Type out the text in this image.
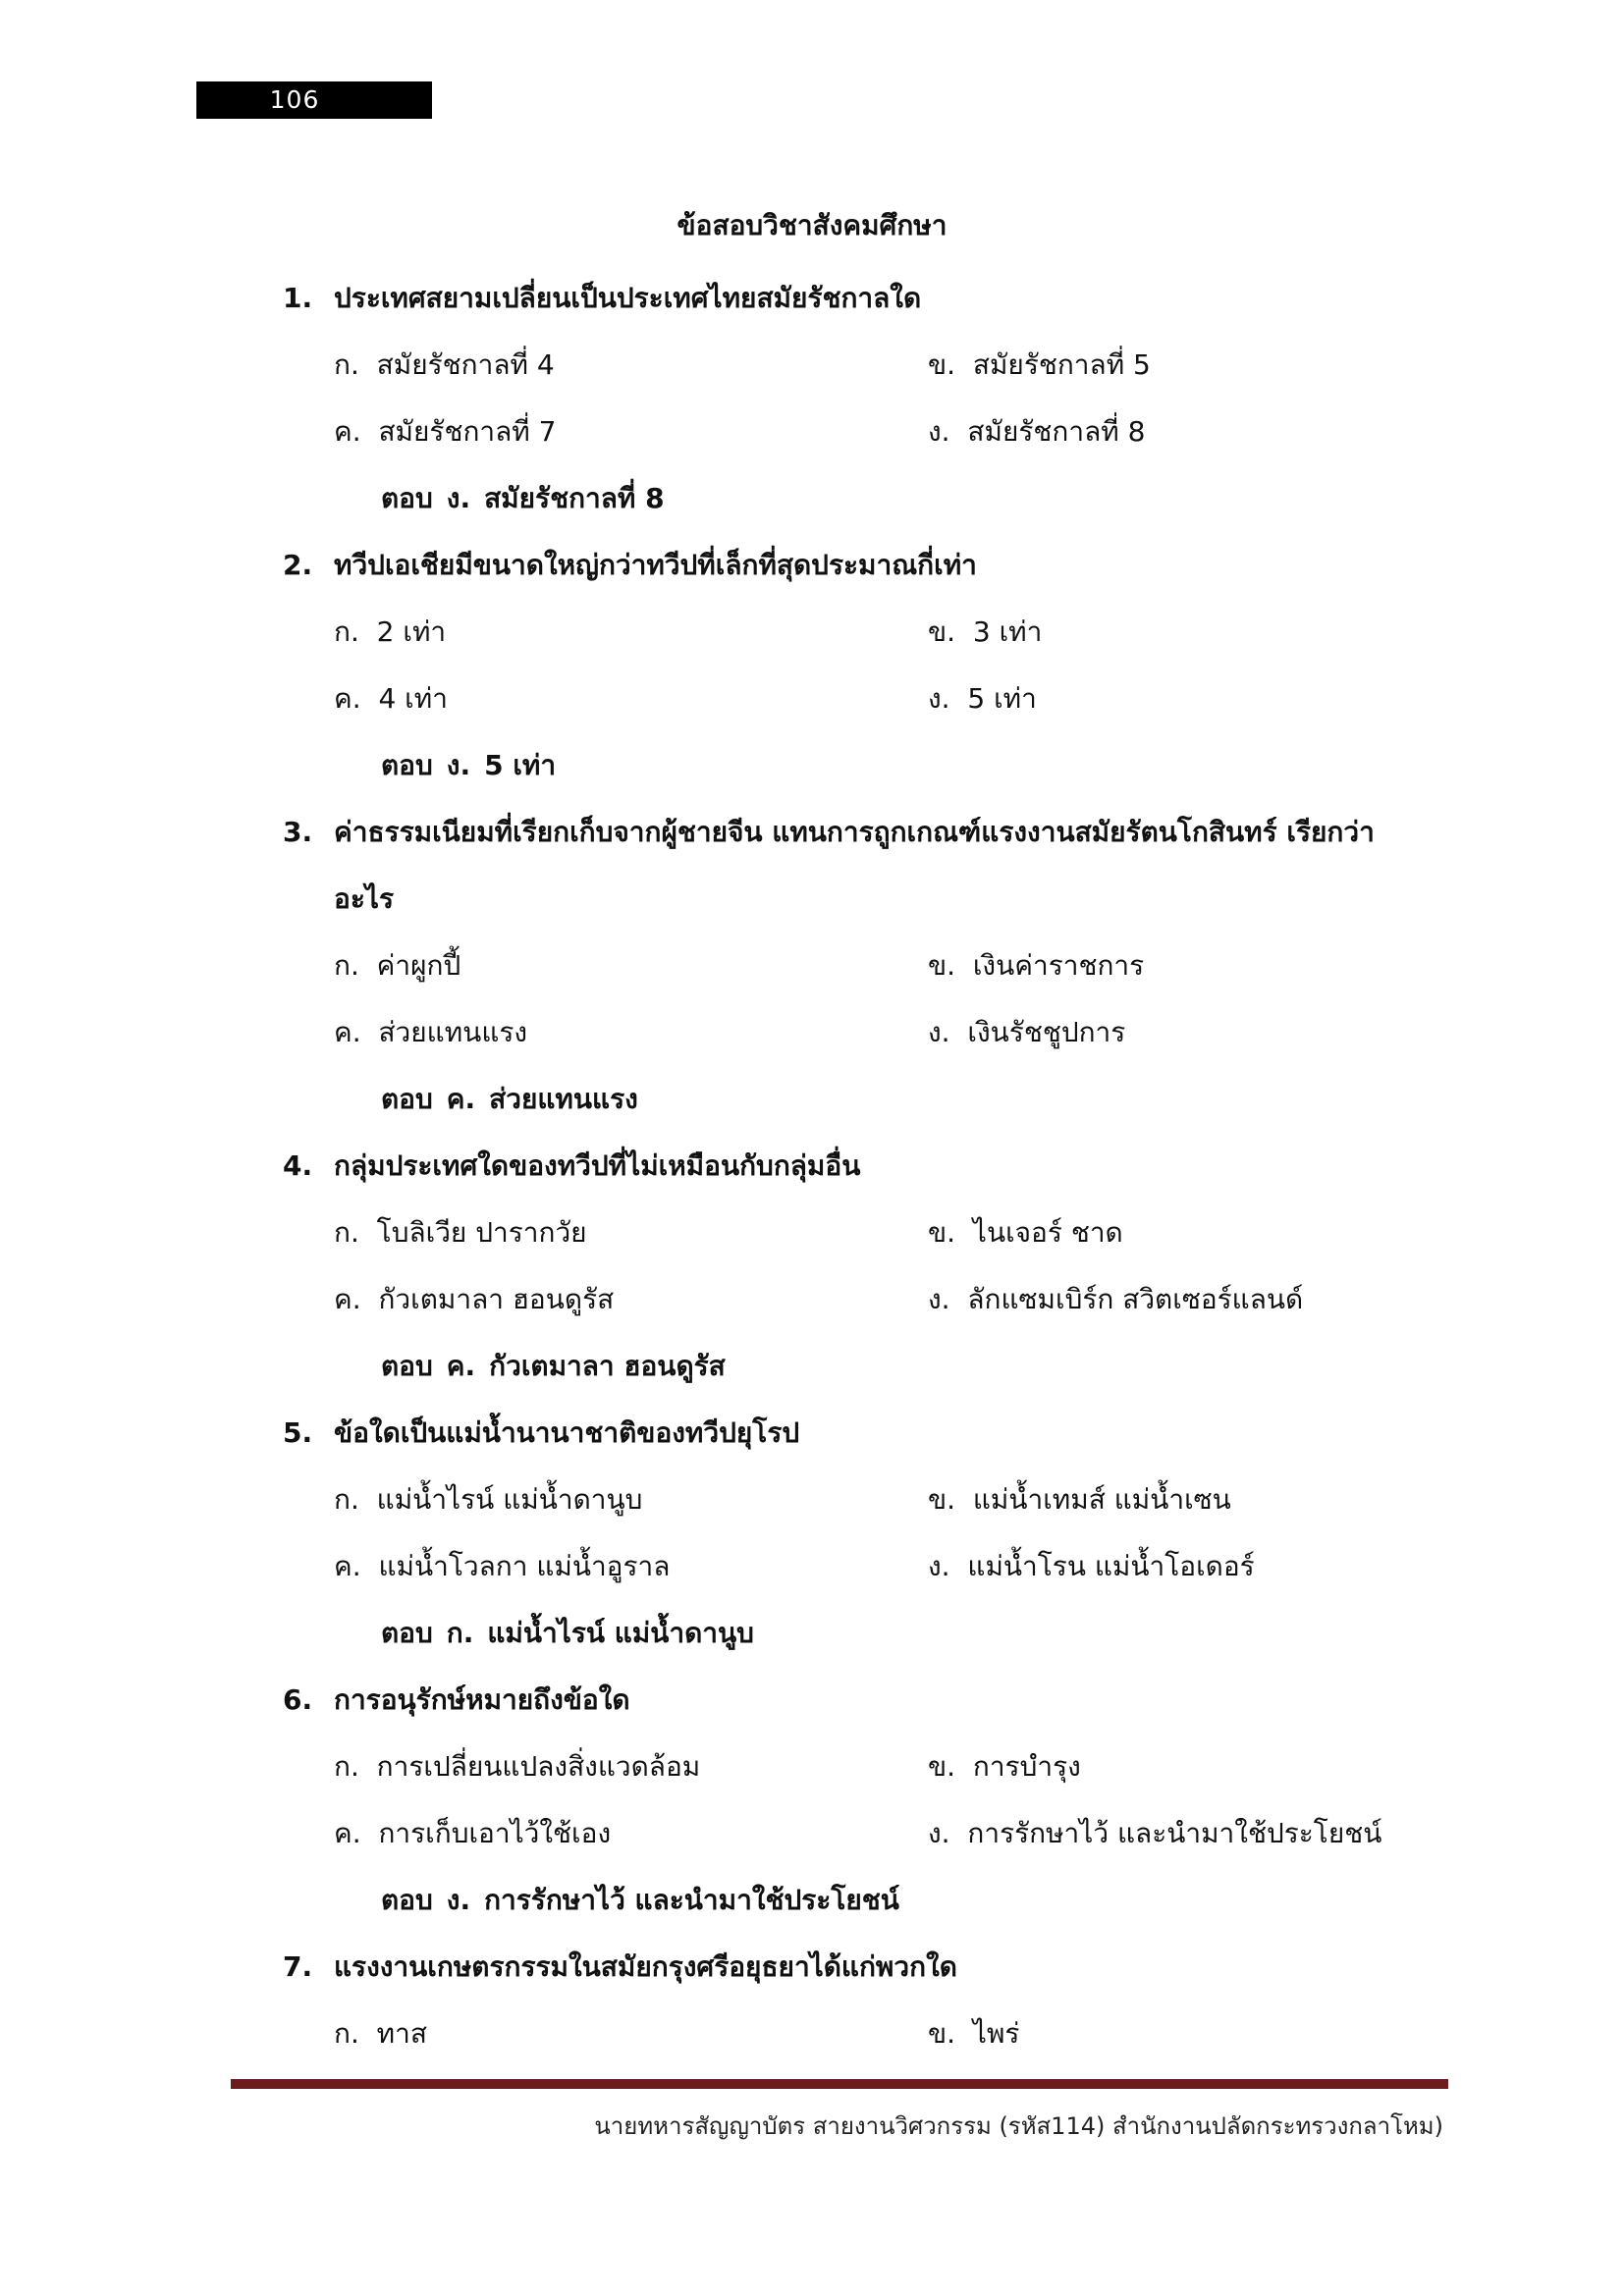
106
ข้อสอบวิชาสังคมศึกษา
1. ประเทศสยามเปลี่ยนเป็นประเทศไทยสมัยรัชกาลใด
ก. สมัยรัชกาลที่ 4	ข. สมัยรัชกาลที่ 5
ค. สมัยรัชกาลที่ 7	ง. สมัยรัชกาลที่ 8
ตอบ ง. สมัยรัชกาลที่ 8
2. ทวีปเอเชียมีขนาดใหญ่กว่าทวีปที่เล็กที่สุดประมาณกี่เท่า
ก. 2 เท่า	ข. 3 เท่า
ค. 4 เท่า	ง. 5 เท่า
ตอบ ง. 5 เท่า
3. ค่าธรรมเนียมที่เรียกเก็บจากผู้ชายจีน แทนการถูกเกณฑ์แรงงานสมัยรัตนโกสินทร์ เรียกว่า
อะไร
ก. ค่าผูกปี้	ข. เงินค่าราชการ
ค. ส่วยแทนแรง	ง. เงินรัชชูปการ
ตอบ ค. ส่วยแทนแรง
4. กลุ่มประเทศใดของทวีปที่ไม่เหมือนกับกลุ่มอื่น
ก. โบลิเวีย ปารากวัย	ข. ไนเจอร์ ชาด
ค. กัวเตมาลา ฮอนดูรัส	ง. ลักแซมเบิร์ก สวิตเซอร์แลนด์
ตอบ ค. กัวเตมาลา ฮอนดูรัส
5. ข้อใดเป็นแม่น้ำนานาชาติของทวีปยุโรป
ก. แม่น้ำไรน์ แม่น้ำดานูบ	ข. แม่น้ำเทมส์ แม่น้ำเซน
ค. แม่น้ำโวลกา แม่น้ำอูราล	ง. แม่น้ำโรน แม่น้ำโอเดอร์
ตอบ ก. แม่น้ำไรน์ แม่น้ำดานูบ
6. การอนุรักษ์หมายถึงข้อใด
ก. การเปลี่ยนแปลงสิ่งแวดล้อม	ข. การบำรุง
ค. การเก็บเอาไว้ใช้เอง	ง. การรักษาไว้ และนำมาใช้ประโยชน์
ตอบ ง. การรักษาไว้ และนำมาใช้ประโยชน์
7. แรงงานเกษตรกรรมในสมัยกรุงศรีอยุธยาได้แก่พวกใด
ก. ทาส	ข. ไพร่
นายทหารสัญญาบัตร สายงานวิศวกรรม (รหัส114) สำนักงานปลัดกระทรวงกลาโหม)
